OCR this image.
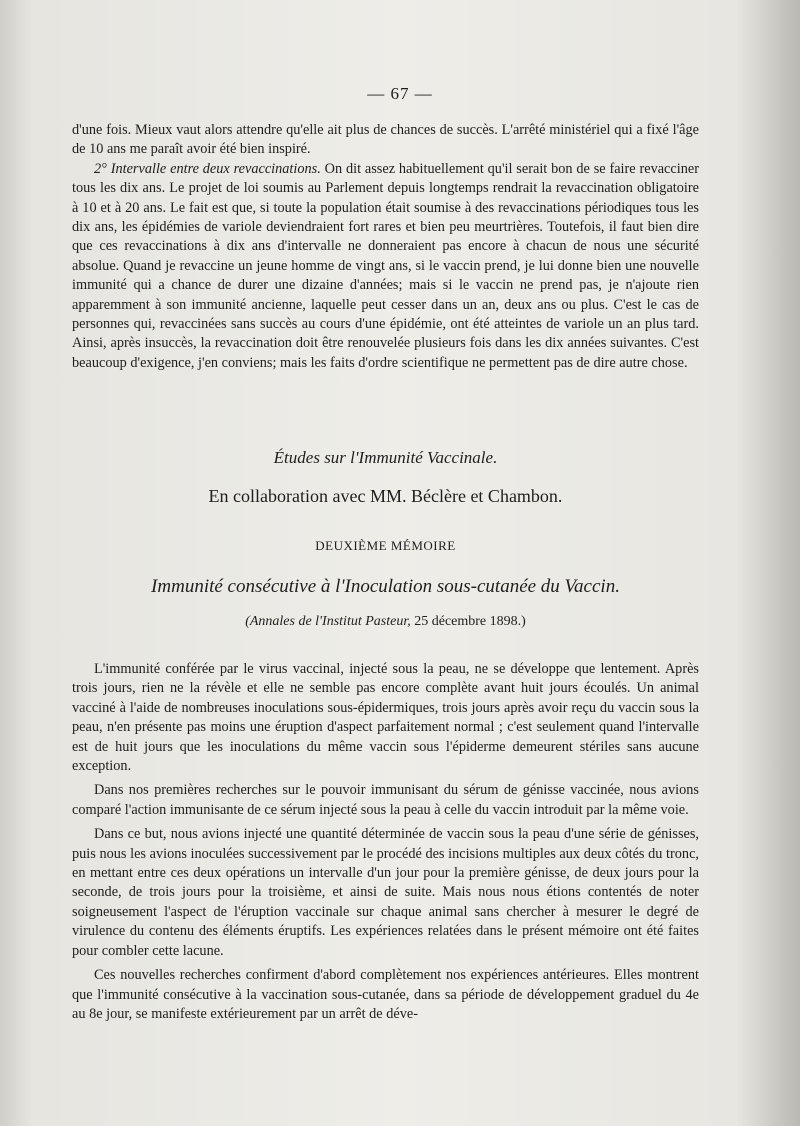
— 67 —

d'une fois. Mieux vaut alors attendre qu'elle ait plus de chances de succès. L'arrêté ministériel qui a fixé l'âge de 10 ans me paraît avoir été bien inspiré.

2° Intervalle entre deux revaccinations. On dit assez habituellement qu'il serait bon de se faire revacciner tous les dix ans. Le projet de loi soumis au Parlement depuis longtemps rendrait la revaccination obligatoire à 10 et à 20 ans. Le fait est que, si toute la population était soumise à des revaccinations périodiques tous les dix ans, les épidémies de variole deviendraient fort rares et bien peu meurtrières. Toutefois, il faut bien dire que ces revaccinations à dix ans d'intervalle ne donneraient pas encore à chacun de nous une sécurité absolue. Quand je revaccine un jeune homme de vingt ans, si le vaccin prend, je lui donne bien une nouvelle immunité qui a chance de durer une dizaine d'années; mais si le vaccin ne prend pas, je n'ajoute rien apparemment à son immunité ancienne, laquelle peut cesser dans un an, deux ans ou plus. C'est le cas de personnes qui, revaccinées sans succès au cours d'une épidémie, ont été atteintes de variole un an plus tard. Ainsi, après insuccès, la revaccination doit être renouvelée plusieurs fois dans les dix années suivantes. C'est beaucoup d'exigence, j'en conviens; mais les faits d'ordre scientifique ne permettent pas de dire autre chose.

Études sur l'Immunité Vaccinale.
En collaboration avec MM. Béclère et Chambon.
DEUXIÈME MÉMOIRE
Immunité consécutive à l'Inoculation sous-cutanée du Vaccin.
(Annales de l'Institut Pasteur, 25 décembre 1898.)

L'immunité conférée par le virus vaccinal, injecté sous la peau, ne se développe que lentement. Après trois jours, rien ne la révèle et elle ne semble pas encore complète avant huit jours écoulés. Un animal vacciné à l'aide de nombreuses inoculations sous-épidermiques, trois jours après avoir reçu du vaccin sous la peau, n'en présente pas moins une éruption d'aspect parfaitement normal ; c'est seulement quand l'intervalle est de huit jours que les inoculations du même vaccin sous l'épiderme demeurent stériles sans aucune exception.

Dans nos premières recherches sur le pouvoir immunisant du sérum de génisse vaccinée, nous avions comparé l'action immunisante de ce sérum injecté sous la peau à celle du vaccin introduit par la même voie.

Dans ce but, nous avions injecté une quantité déterminée de vaccin sous la peau d'une série de génisses, puis nous les avions inoculées successivement par le procédé des incisions multiples aux deux côtés du tronc, en mettant entre ces deux opérations un intervalle d'un jour pour la première génisse, de deux jours pour la seconde, de trois jours pour la troisième, et ainsi de suite. Mais nous nous étions contentés de noter soigneusement l'aspect de l'éruption vaccinale sur chaque animal sans chercher à mesurer le degré de virulence du contenu des éléments éruptifs. Les expériences relatées dans le présent mémoire ont été faites pour combler cette lacune.

Ces nouvelles recherches confirment d'abord complètement nos expériences antérieures. Elles montrent que l'immunité consécutive à la vaccination sous-cutanée, dans sa période de développement graduel du 4e au 8e jour, se manifeste extérieurement par un arrêt de déve-
